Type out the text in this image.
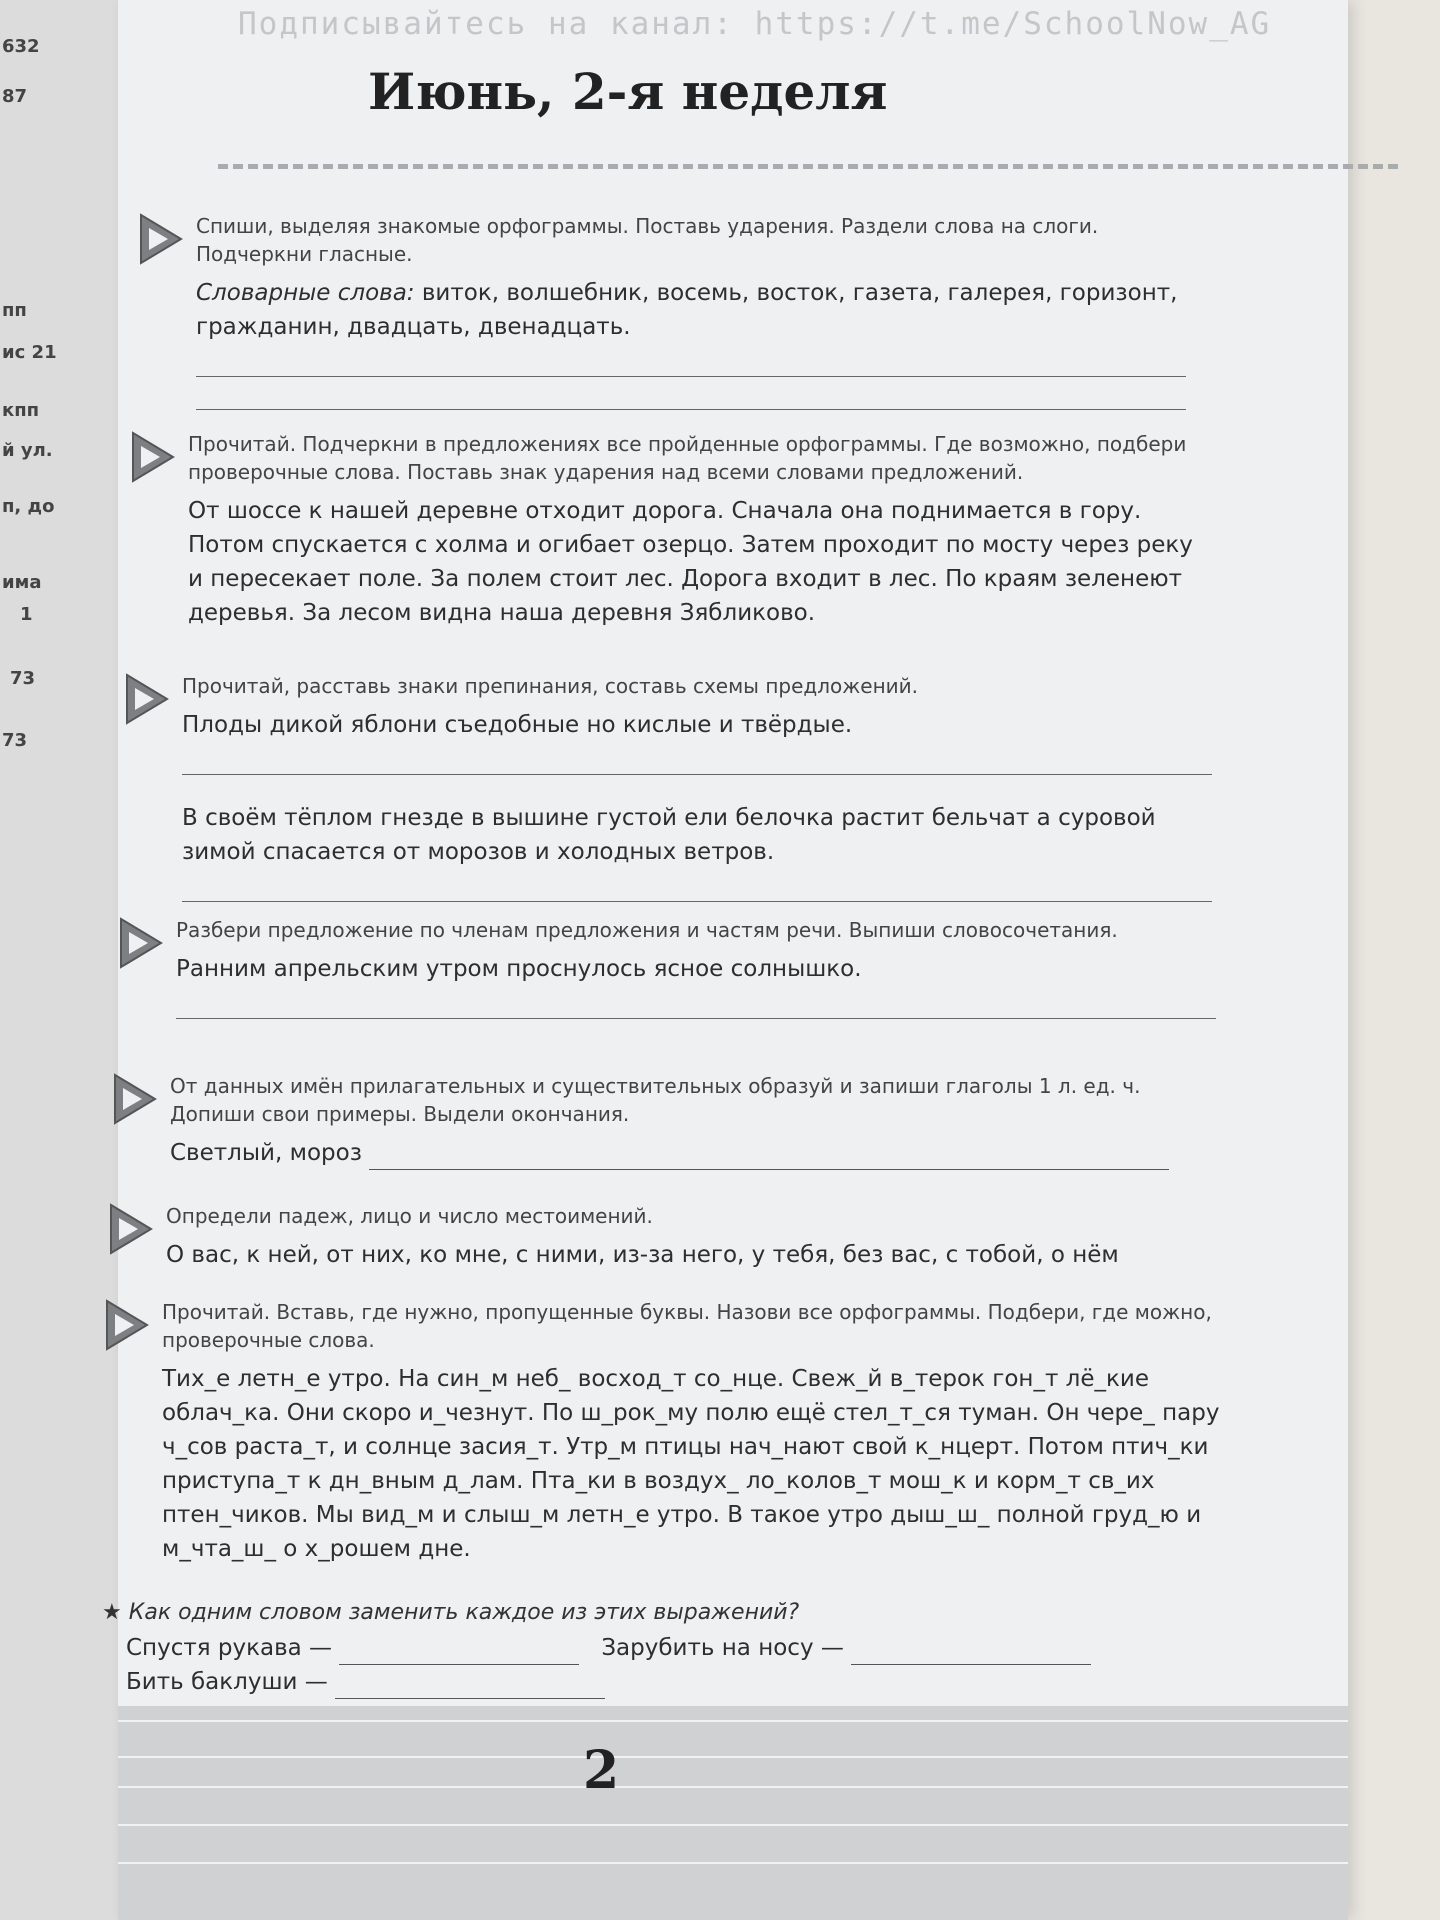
632
87
пп
ис 21
кпп
й ул.
п, до
има
1
73
73
Подписывайтесь на канал: https://t.me/SchoolNow_AG
Июнь, 2-я неделя
Спиши, выделяя знакомые орфограммы. Поставь ударения. Раздели слова на слоги. Подчеркни гласные.
Словарные слова: виток, волшебник, восемь, восток, газета, галерея, горизонт, гражданин, двадцать, двенадцать.
Прочитай. Подчеркни в предложениях все пройденные орфограммы. Где возможно, подбери проверочные слова. Поставь знак ударения над всеми словами предложений.
От шоссе к нашей деревне отходит дорога. Сначала она поднимается в гору. Потом спускается с холма и огибает озерцо. Затем проходит по мосту через реку и пересекает поле. За полем стоит лес. Дорога входит в лес. По краям зеленеют деревья. За лесом видна наша деревня Зябликово.
Прочитай, расставь знаки препинания, составь схемы предложений.
Плоды дикой яблони съедобные но кислые и твёрдые.
В своём тёплом гнезде в вышине густой ели белочка растит бельчат а суровой зимой спасается от морозов и холодных ветров.
Разбери предложение по членам предложения и частям речи. Выпиши словосочетания.
Ранним апрельским утром проснулось ясное солнышко.
От данных имён прилагательных и существительных образуй и запиши глаголы 1 л. ед. ч. Допиши свои примеры. Выдели окончания.
Светлый, мороз
Определи падеж, лицо и число местоимений.
О вас, к ней, от них, ко мне, с ними, из-за него, у тебя, без вас, с тобой, о нём
Прочитай. Вставь, где нужно, пропущенные буквы. Назови все орфограммы. Подбери, где можно, проверочные слова.
Тих_е летн_е утро. На син_м неб_ восход_т со_нце. Свеж_й в_терок гон_т лё_кие облач_ка. Они скоро и_чезнут. По ш_рок_му полю ещё стел_т_ся туман. Он чере_ пару ч_сов раста_т, и солнце засия_т. Утр_м птицы нач_нают свой к_нцерт. Потом птич_ки приступа_т к дн_вным д_лам. Пта_ки в воздух_ ло_колов_т мош_к и корм_т св_их птен_чиков. Мы вид_м и слыш_м летн_е утро. В такое утро дыш_ш_ полной груд_ю и м_чта_ш_ о х_рошем дне.
★ Как одним словом заменить каждое из этих выражений?
Спустя рукава —	Зарубить на носу —
Бить баклуши —
2
